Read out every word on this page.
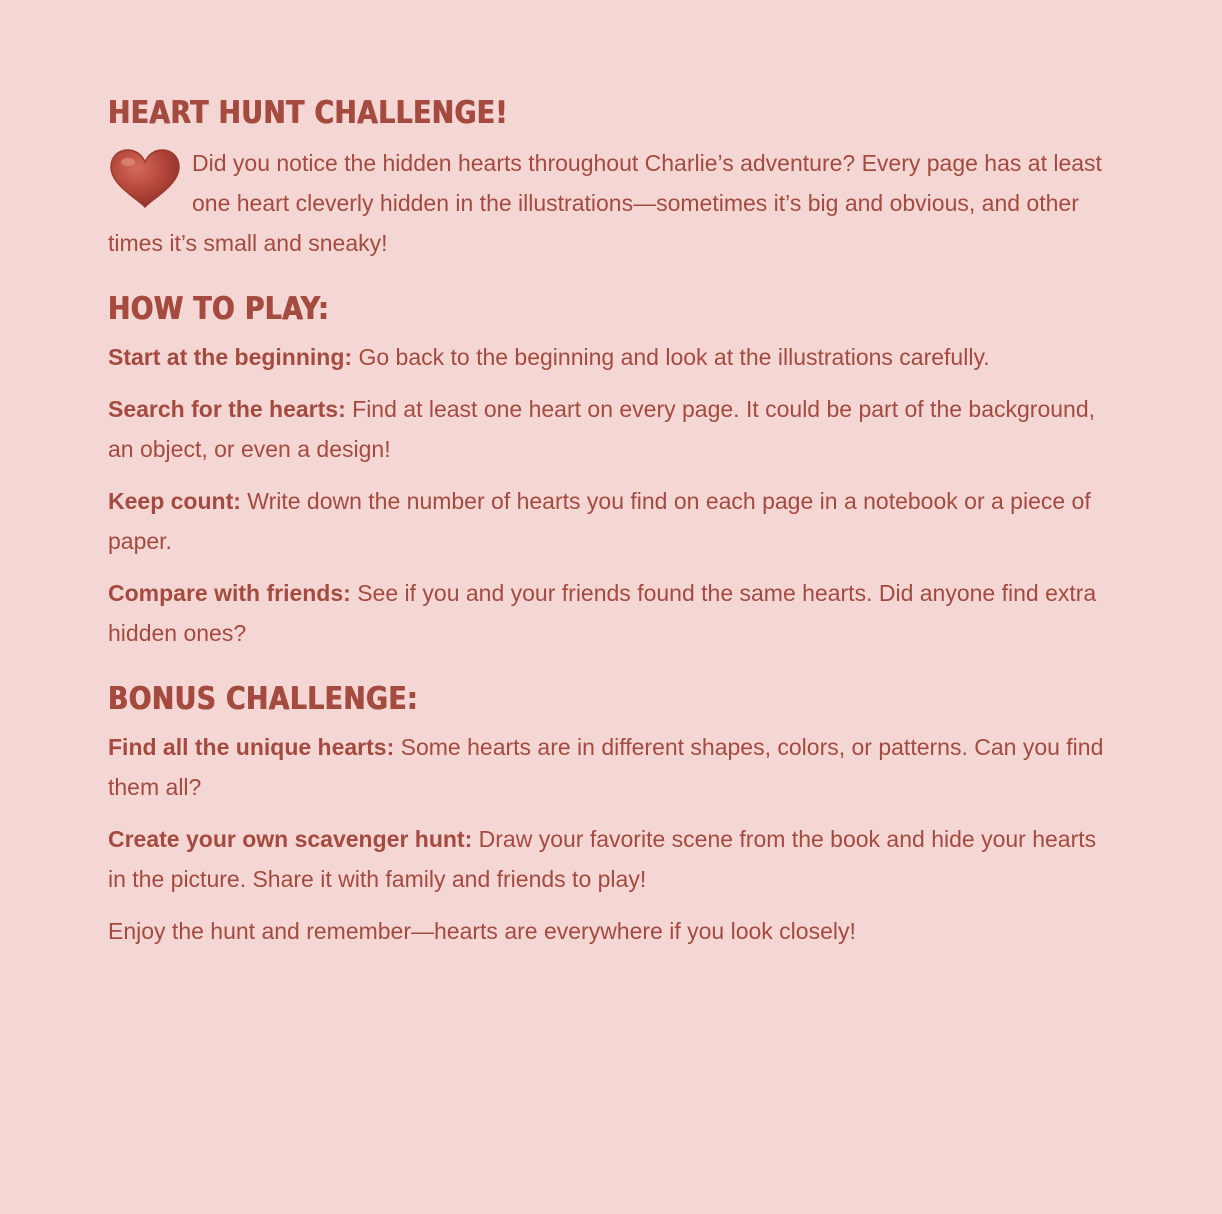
HEART HUNT CHALLENGE!
Did you notice the hidden hearts throughout Charlie’s adventure? Every page has at least one heart cleverly hidden in the illustrations—sometimes it’s big and obvious, and other times it’s small and sneaky!
HOW TO PLAY:

Start at the beginning: Go back to the beginning and look at the illustrations carefully.

Search for the hearts: Find at least one heart on every page. It could be part of the background, an object, or even a design!

Keep count: Write down the number of hearts you find on each page in a notebook or a piece of paper.

Compare with friends: See if you and your friends found the same hearts. Did anyone find extra hidden ones?

BONUS CHALLENGE:

Find all the unique hearts: Some hearts are in different shapes, colors, or patterns. Can you find them all?

Create your own scavenger hunt: Draw your favorite scene from the book and hide your hearts in the picture. Share it with family and friends to play!

Enjoy the hunt and remember—hearts are everywhere if you look closely!
